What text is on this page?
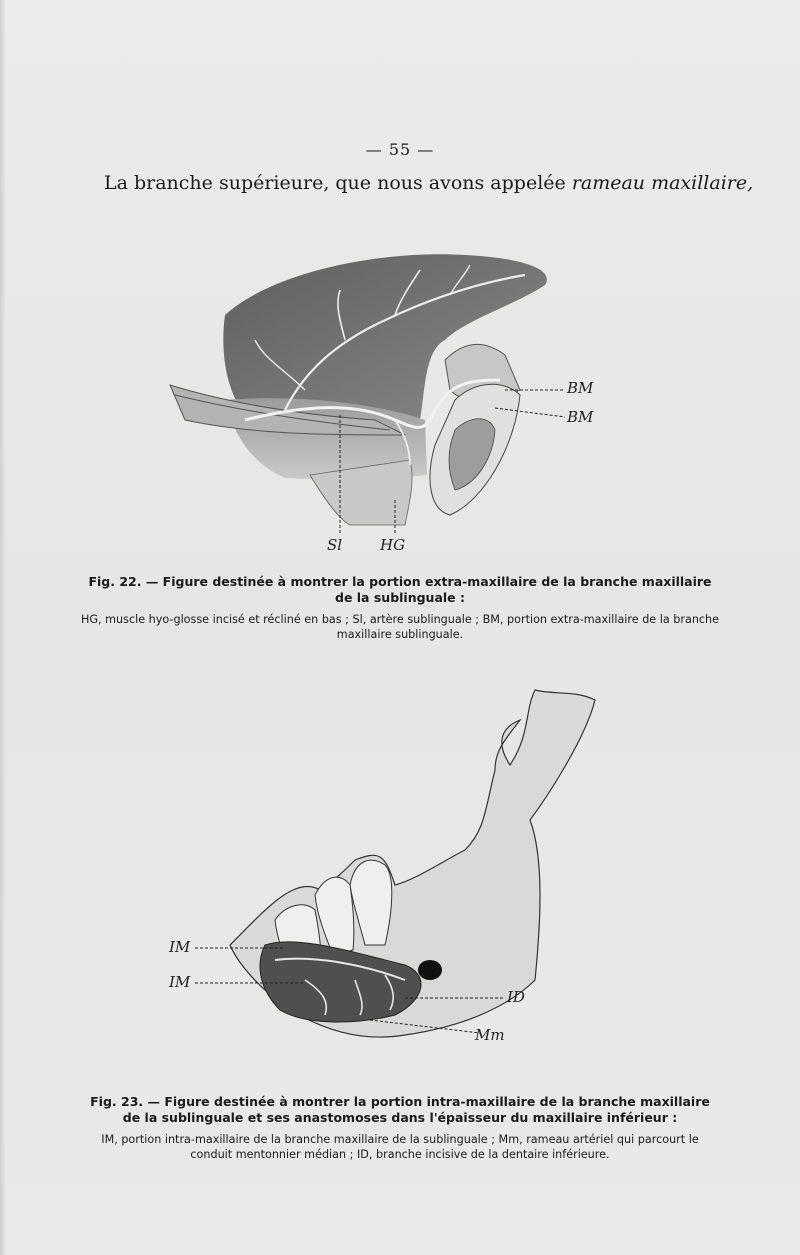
— 55 —
La branche supérieure, que nous avons appelée rameau maxillaire,
BM
BM
Sl	HG
Fig. 22. — Figure destinée à montrer la portion extra-maxillaire de la branche maxillaire de la sublinguale :
HG, muscle hyo-glosse incisé et récliné en bas ; Sl, artère sublinguale ; BM, portion extra-maxillaire de la branche maxillaire sublinguale.
IM
IM
ID
Mm
Fig. 23. — Figure destinée à montrer la portion intra-maxillaire de la branche maxillaire de la sublinguale et ses anastomoses dans l'épaisseur du maxillaire inférieur :
IM, portion intra-maxillaire de la branche maxillaire de la sublinguale ; Mm, rameau artériel qui parcourt le conduit mentonnier médian ; ID, branche incisive de la dentaire inférieure.
